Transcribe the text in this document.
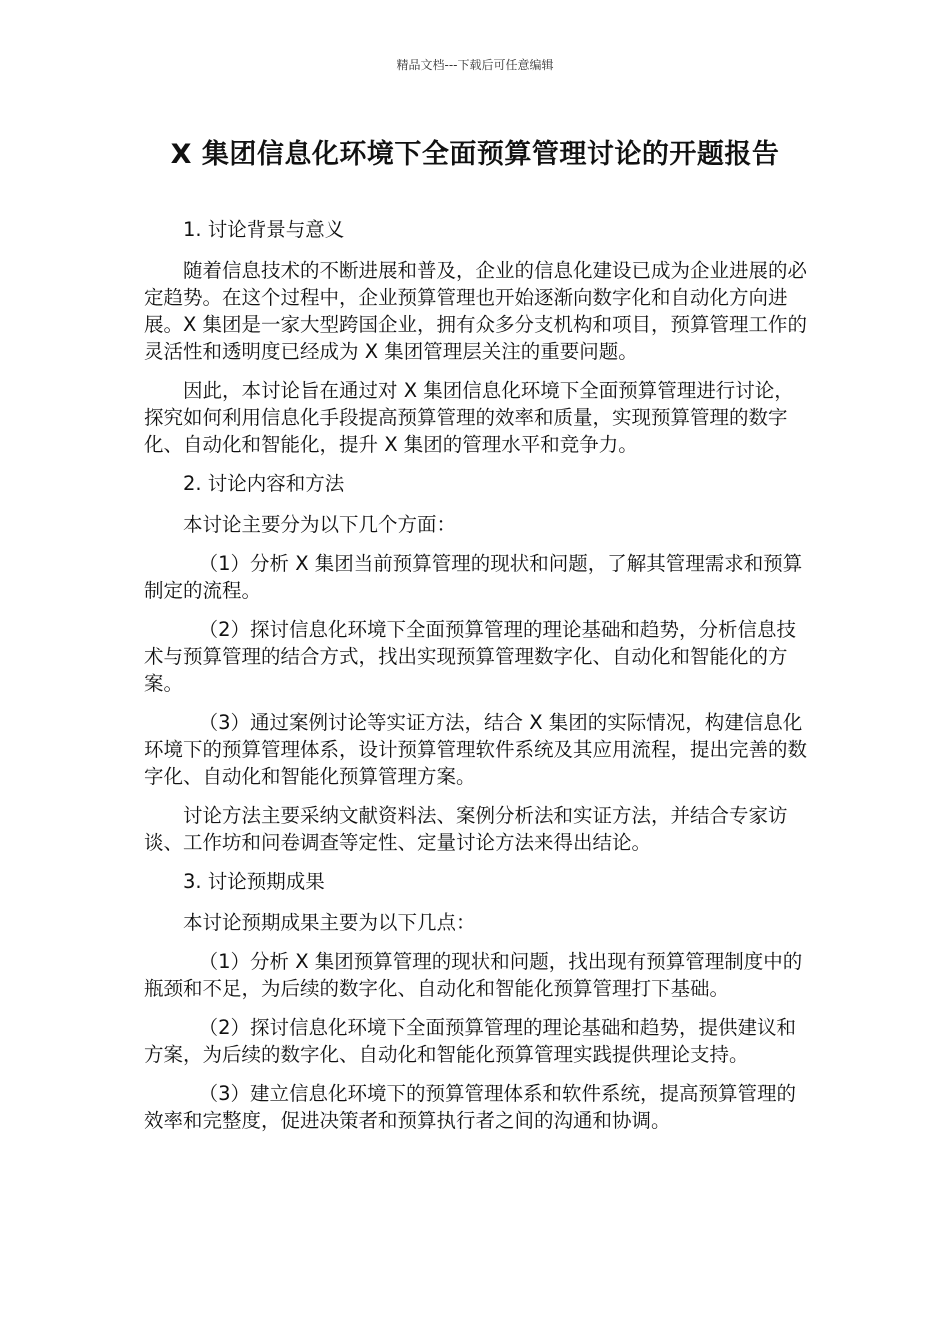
精品文档---下载后可任意编辑
X 集团信息化环境下全面预算管理讨论的开题报告

1. 讨论背景与意义

随着信息技术的不断进展和普及，企业的信息化建设已成为企业进展的必定趋势。在这个过程中，企业预算管理也开始逐渐向数字化和自动化方向进展。X 集团是一家大型跨国企业，拥有众多分支机构和项目，预算管理工作的灵活性和透明度已经成为 X 集团管理层关注的重要问题。

因此，本讨论旨在通过对 X 集团信息化环境下全面预算管理进行讨论，探究如何利用信息化手段提高预算管理的效率和质量，实现预算管理的数字化、自动化和智能化，提升 X 集团的管理水平和竞争力。

2. 讨论内容和方法

本讨论主要分为以下几个方面：

（1）分析 X 集团当前预算管理的现状和问题，了解其管理需求和预算制定的流程。

（2）探讨信息化环境下全面预算管理的理论基础和趋势，分析信息技术与预算管理的结合方式，找出实现预算管理数字化、自动化和智能化的方案。

（3）通过案例讨论等实证方法，结合 X 集团的实际情况，构建信息化环境下的预算管理体系，设计预算管理软件系统及其应用流程，提出完善的数字化、自动化和智能化预算管理方案。

讨论方法主要采纳文献资料法、案例分析法和实证方法，并结合专家访谈、工作坊和问卷调查等定性、定量讨论方法来得出结论。

3. 讨论预期成果

本讨论预期成果主要为以下几点：

（1）分析 X 集团预算管理的现状和问题，找出现有预算管理制度中的瓶颈和不足，为后续的数字化、自动化和智能化预算管理打下基础。

（2）探讨信息化环境下全面预算管理的理论基础和趋势，提供建议和方案，为后续的数字化、自动化和智能化预算管理实践提供理论支持。

（3）建立信息化环境下的预算管理体系和软件系统，提高预算管理的效率和完整度，促进决策者和预算执行者之间的沟通和协调。
